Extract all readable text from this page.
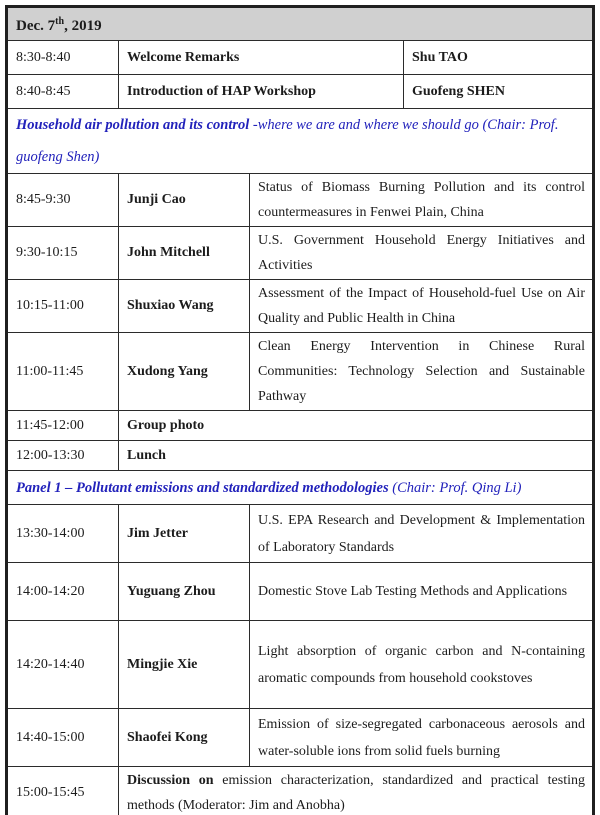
Dec. 7th, 2019			
8:30-8:40	Welcome Remarks		Shu TAO
8:40-8:45	Introduction of HAP Workshop		Guofeng SHEN
Household air pollution and its control -where we are and where we should go (Chair: Prof. guofeng Shen)			
8:45-9:30	Junji Cao	Status of Biomass Burning Pollution and its control countermeasures in Fenwei Plain, China	
9:30-10:15	John Mitchell	U.S. Government Household Energy Initiatives and Activities	
10:15-11:00	Shuxiao Wang	Assessment of the Impact of Household-fuel Use on Air Quality and Public Health in China	
11:00-11:45	Xudong Yang	Clean Energy Intervention in Chinese Rural Communities: Technology Selection and Sustainable Pathway	
11:45-12:00	Group photo		
12:00-13:30	Lunch		
Panel 1 – Pollutant emissions and standardized methodologies (Chair: Prof. Qing Li)			
13:30-14:00	Jim Jetter	U.S. EPA Research and Development & Implementation of Laboratory Standards	
14:00-14:20	Yuguang Zhou	Domestic Stove Lab Testing Methods and Applications	
14:20-14:40	Mingjie Xie	Light absorption of organic carbon and N-containing aromatic compounds from household cookstoves	
14:40-15:00	Shaofei Kong	Emission of size-segregated carbonaceous aerosols and water-soluble ions from solid fuels burning	
15:00-15:45	Discussion on emission characterization, standardized and practical testing methods (Moderator: Jim and Anobha)		
